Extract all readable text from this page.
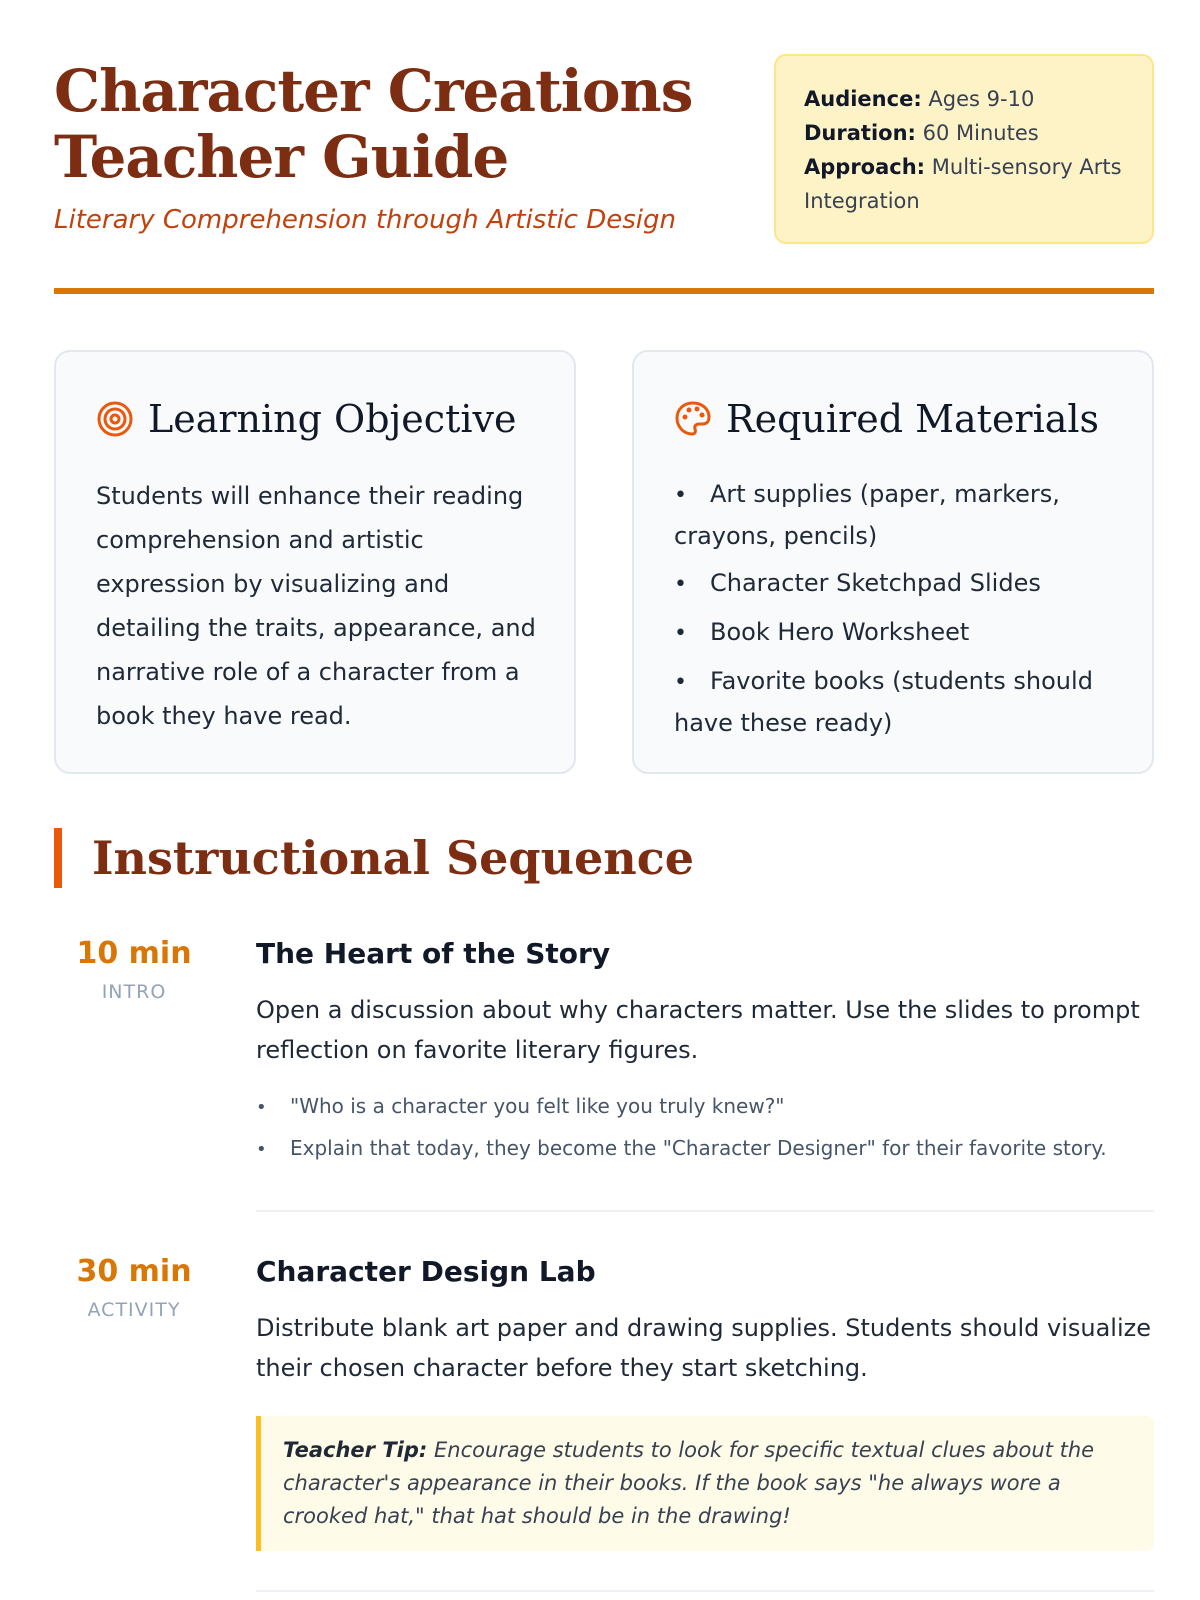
Character Creations
Teacher Guide
Literary Comprehension through Artistic Design
Audience: Ages 9-10
Duration: 60 Minutes
Approach: Multi-sensory Arts Integration
Learning Objective

Students will enhance their reading comprehension and artistic expression by visualizing and detailing the traits, appearance, and narrative role of a character from a book they have read.

Required Materials
• Art supplies (paper, markers, crayons, pencils)
• Character Sketchpad Slides
• Book Hero Worksheet
• Favorite books (students should have these ready)
Instructional Sequence
10 min
INTRO
The Heart of the Story

Open a discussion about why characters matter. Use the slides to prompt reflection on favorite literary figures.

• "Who is a character you felt like you truly knew?"
• Explain that today, they become the "Character Designer" for their favorite story.
30 min
ACTIVITY
Character Design Lab

Distribute blank art paper and drawing supplies. Students should visualize their chosen character before they start sketching.

Teacher Tip: Encourage students to look for specific textual clues about the character's appearance in their books. If the book says "he always wore a crooked hat," that hat should be in the drawing!
